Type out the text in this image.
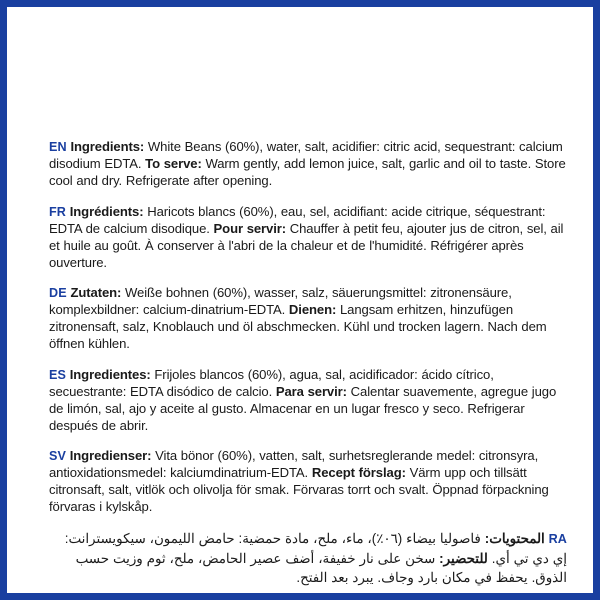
EN Ingredients: White Beans (60%), water, salt, acidifier: citric acid, sequestrant: calcium disodium EDTA. To serve: Warm gently, add lemon juice, salt, garlic and oil to taste. Store cool and dry. Refrigerate after opening.

FR Ingrédients: Haricots blancs (60%), eau, sel, acidifiant: acide citrique, séquestrant: EDTA de calcium disodique. Pour servir: Chauffer à petit feu, ajouter jus de citron, sel, ail et huile au goût. À conserver à l'abri de la chaleur et de l'humidité. Réfrigérer après ouverture.

DE Zutaten: Weiße bohnen (60%), wasser, salz, säuerungsmittel: zitronensäure, komplexbildner: calcium-dinatrium-EDTA. Dienen: Langsam erhitzen, hinzufügen zitronensaft, salz, Knoblauch und öl abschmecken. Kühl und trocken lagern. Nach dem öffnen kühlen.

ES Ingredientes: Frijoles blancos (60%), agua, sal, acidificador: ácido cítrico, secuestrante: EDTA disódico de calcio. Para servir: Calentar suavemente, agregue jugo de limón, sal, ajo y aceite al gusto. Almacenar en un lugar fresco y seco. Refrigerar después de abrir.

SV Ingredienser: Vita bönor (60%), vatten, salt, surhetsreglerande medel: citronsyra, antioxidationsmedel: kalciumdinatrium-EDTA. Recept förslag: Värm upp och tillsätt citronsaft, salt, vitlök och olivolja för smak. Förvaras torrt och svalt. Öppnad förpackning förvaras i kylskåp.

AR المحتويات: فاصوليا بيضاء (٦٠٪)، ماء، ملح، مادة حمضية: حامض الليمون، سيكويسترانت: إي دي تي أي. للتحضير: سخن على نار خفيفة، أضف عصير الحامض، ملح، ثوم وزيت حسب الذوق. يحفظ في مكان بارد وجاف. يبرد بعد الفتح.
